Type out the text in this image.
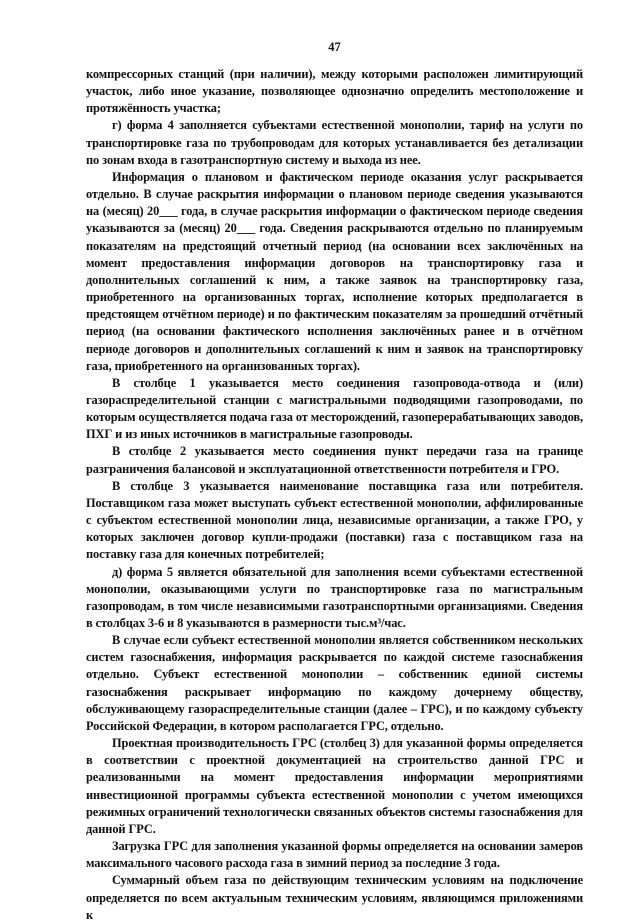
47

компрессорных станций (при наличии), между которыми расположен лимитирующий участок, либо иное указание, позволяющее однозначно определить местоположение и протяжённость участка;

г) форма 4 заполняется субъектами естественной монополии, тариф на услуги по транспортировке газа по трубопроводам для которых устанавливается без детализации по зонам входа в газотранспортную систему и выхода из нее.

Информация о плановом и фактическом периоде оказания услуг раскрывается отдельно. В случае раскрытия информации о плановом периоде сведения указываются на (месяц) 20___ года, в случае раскрытия информации о фактическом периоде сведения указываются за (месяц) 20___ года. Сведения раскрываются отдельно по планируемым показателям на предстоящий отчетный период (на основании всех заключённых на момент предоставления информации договоров на транспортировку газа и дополнительных соглашений к ним, а также заявок на транспортировку газа, приобретенного на организованных торгах, исполнение которых предполагается в предстоящем отчётном периоде) и по фактическим показателям за прошедший отчётный период (на основании фактического исполнения заключённых ранее и в отчётном периоде договоров и дополнительных соглашений к ним и заявок на транспортировку газа, приобретенного на организованных торгах).

В столбце 1 указывается место соединения газопровода-отвода и (или) газораспределительной станции с магистральными подводящими газопроводами, по которым осуществляется подача газа от месторождений, газоперерабатывающих заводов, ПХГ и из иных источников в магистральные газопроводы.

В столбце 2 указывается место соединения пункт передачи газа на границе разграничения балансовой и эксплуатационной ответственности потребителя и ГРО.

В столбце 3 указывается наименование поставщика газа или потребителя. Поставщиком газа может выступать субъект естественной монополии, аффилированные с субъектом естественной монополии лица, независимые организации, а также ГРО, у которых заключен договор купли-продажи (поставки) газа с поставщиком газа на поставку газа для конечных потребителей;

д) форма 5 является обязательной для заполнения всеми субъектами естественной монополии, оказывающими услуги по транспортировке газа по магистральным газопроводам, в том числе независимыми газотранспортными организациями. Сведения в столбцах 3-6 и 8 указываются в размерности тыс.м³/час.

В случае если субъект естественной монополии является собственником нескольких систем газоснабжения, информация раскрывается по каждой системе газоснабжения отдельно. Субъект естественной монополии – собственник единой системы газоснабжения раскрывает информацию по каждому дочернему обществу, обслуживающему газораспределительные станции (далее – ГРС), и по каждому субъекту Российской Федерации, в котором располагается ГРС, отдельно.

Проектная производительность ГРС (столбец 3) для указанной формы определяется в соответствии с проектной документацией на строительство данной ГРС и реализованными на момент предоставления информации мероприятиями инвестиционной программы субъекта естественной монополии с учетом имеющихся режимных ограничений технологически связанных объектов системы газоснабжения для данной ГРС.

Загрузка ГРС для заполнения указанной формы определяется на основании замеров максимального часового расхода газа в зимний период за последние 3 года.

Суммарный объем газа по действующим техническим условиям на подключение определяется по всем актуальным техническим условиям, являющимся приложениями к
